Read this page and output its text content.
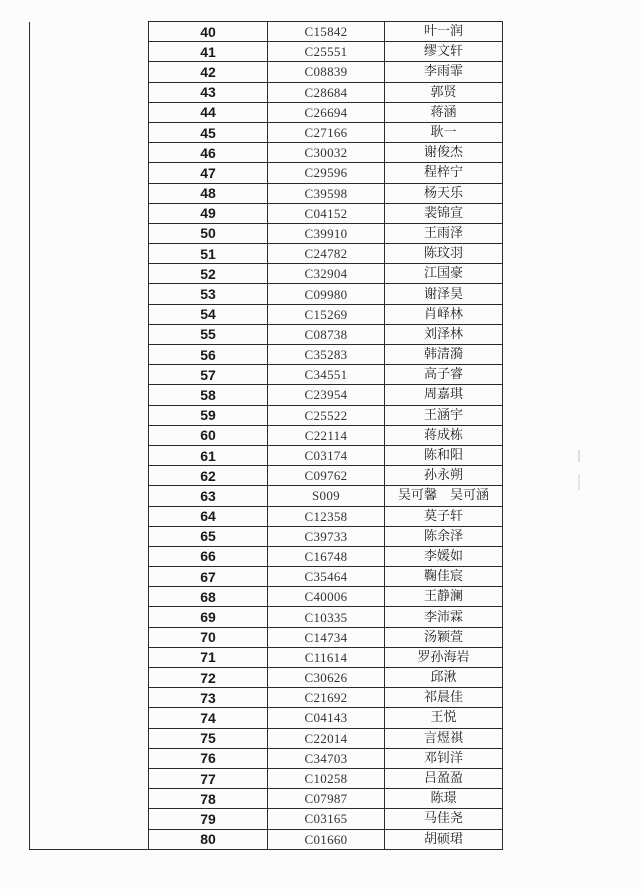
	40	C15842	叶一润
	41	C25551	缪文轩
	42	C08839	李雨霏
	43	C28684	郭贤
	44	C26694	蒋涵
	45	C27166	耿一
	46	C30032	谢俊杰
	47	C29596	程梓宁
	48	C39598	杨天乐
	49	C04152	裴锦宣
	50	C39910	王雨泽
	51	C24782	陈玟羽
	52	C32904	江国豪
	53	C09980	谢泽昊
	54	C15269	肖峄林
	55	C08738	刘泽林
	56	C35283	韩清漪
	57	C34551	高子睿
	58	C23954	周嘉琪
	59	C25522	王涵宇
	60	C22114	蒋成栋
	61	C03174	陈和阳
	62	C09762	孙永朔
	63	S009	吴可馨　吴可涵
	64	C12358	莫子轩
	65	C39733	陈余泽
	66	C16748	李媛如
	67	C35464	鞠佳宸
	68	C40006	王静澜
	69	C10335	李沛霖
	70	C14734	汤颖萱
	71	C11614	罗孙海岩
	72	C30626	邱湫
	73	C21692	祁晨佳
	74	C04143	王悦
	75	C22014	言煜祺
	76	C34703	邓钊洋
	77	C10258	吕盈盈
	78	C07987	陈璟
	79	C03165	马佳尧
	80	C01660	胡硕珺
